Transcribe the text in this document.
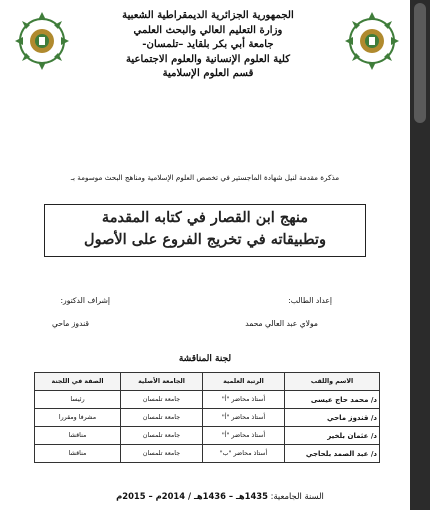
الجمهورية الجزائرية الديمقراطية الشعبية
وزارة التعليم العالي والبحث العلمي
جامعة أبي بكر بلقايد –تلمسان-
كلية العلوم الإنسانية والعلوم الاجتماعية
قسم العلوم الإسلامية
مذكرة مقدمة لنيل شهادة الماجستير في تخصص العلوم الإسلامية ومناهج البحث موسومة بـ
منهج ابن القصار في كتابه المقدمة
وتطبيقاته في تخريج الفروع على الأصول
إعداد الطالب:
مولاي عبد العالي محمد
إشراف الدكتور:
قندوز ماحي
لجنة المناقشة
الاسم واللقب	الرتبة العلمية	الجامعة الأصلية	الصفة في اللجنة
د/ محمد حاج عيسى	أستاذ محاضر "أ"	جامعة تلمسان	رئيسا
د/ قندوز ماحي	أستاذ محاضر "أ"	جامعة تلمسان	مشرفا ومقررا
د/ عثمان بلخير	أستاذ محاضر "أ"	جامعة تلمسان	مناقشا
د/ عبد الصمد بلحاجي	أستاذ محاضر "ب"	جامعة تلمسان	مناقشا
السنة الجامعية: 1435هـ – 1436هـ / 2014م – 2015م
